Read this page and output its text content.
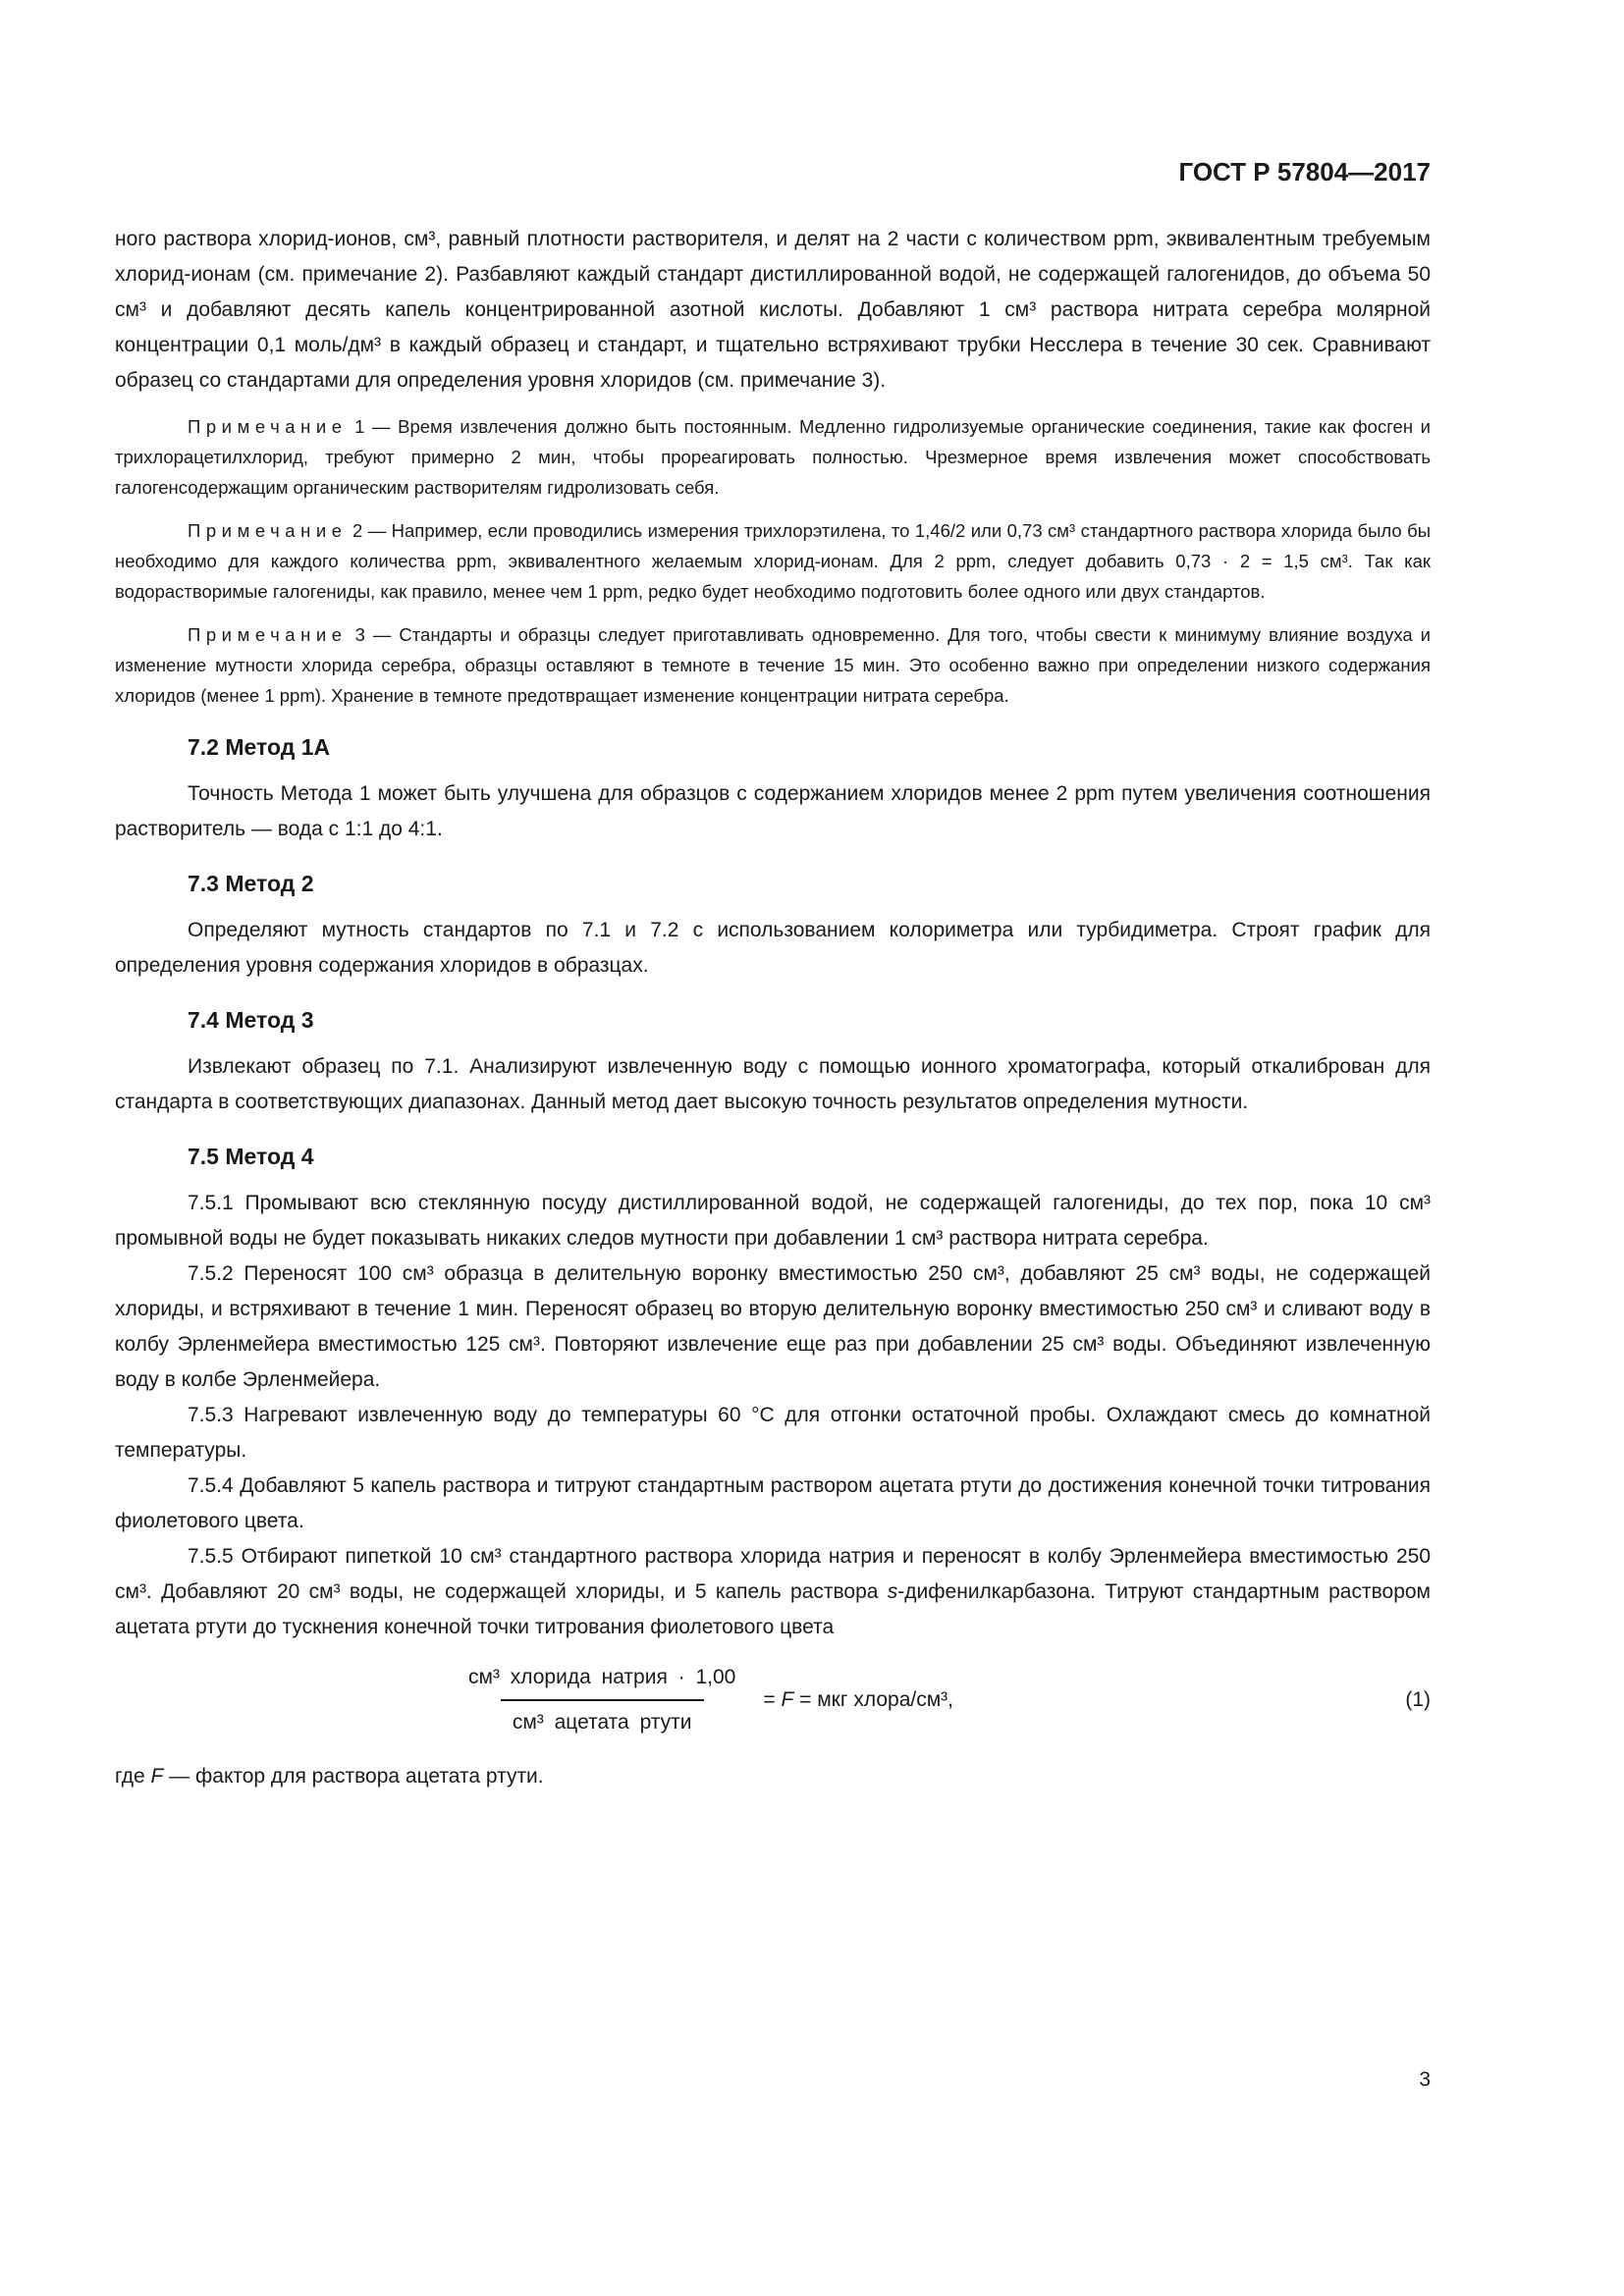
ГОСТ Р 57804—2017

ного раствора хлорид-ионов, см³, равный плотности растворителя, и делят на 2 части с количеством ppm, эквивалентным требуемым хлорид-ионам (см. примечание 2). Разбавляют каждый стандарт дистиллированной водой, не содержащей галогенидов, до объема 50 см³ и добавляют десять капель концентрированной азотной кислоты. Добавляют 1 см³ раствора нитрата серебра молярной концентрации 0,1 моль/дм³ в каждый образец и стандарт, и тщательно встряхивают трубки Несслера в течение 30 сек. Сравнивают образец со стандартами для определения уровня хлоридов (см. примечание 3).

Примечание 1 — Время извлечения должно быть постоянным. Медленно гидролизуемые органические соединения, такие как фосген и трихлорацетилхлорид, требуют примерно 2 мин, чтобы прореагировать полностью. Чрезмерное время извлечения может способствовать галогенсодержащим органическим растворителям гидролизовать себя.

Примечание 2 — Например, если проводились измерения трихлорэтилена, то 1,46/2 или 0,73 см³ стандартного раствора хлорида было бы необходимо для каждого количества ppm, эквивалентного желаемым хлорид-ионам. Для 2 ppm, следует добавить 0,73 · 2 = 1,5 см³. Так как водорастворимые галогениды, как правило, менее чем 1 ppm, редко будет необходимо подготовить более одного или двух стандартов.

Примечание 3 — Стандарты и образцы следует приготавливать одновременно. Для того, чтобы свести к минимуму влияние воздуха и изменение мутности хлорида серебра, образцы оставляют в темноте в течение 15 мин. Это особенно важно при определении низкого содержания хлоридов (менее 1 ppm). Хранение в темноте предотвращает изменение концентрации нитрата серебра.

7.2 Метод 1А

Точность Метода 1 может быть улучшена для образцов с содержанием хлоридов менее 2 ppm путем увеличения соотношения растворитель — вода с 1:1 до 4:1.

7.3 Метод 2

Определяют мутность стандартов по 7.1 и 7.2 с использованием колориметра или турбидиметра. Строят график для определения уровня содержания хлоридов в образцах.

7.4 Метод 3

Извлекают образец по 7.1. Анализируют извлеченную воду с помощью ионного хроматографа, который откалиброван для стандарта в соответствующих диапазонах. Данный метод дает высокую точность результатов определения мутности.

7.5 Метод 4

7.5.1 Промывают всю стеклянную посуду дистиллированной водой, не содержащей галогениды, до тех пор, пока 10 см³ промывной воды не будет показывать никаких следов мутности при добавлении 1 см³ раствора нитрата серебра.

7.5.2 Переносят 100 см³ образца в делительную воронку вместимостью 250 см³, добавляют 25 см³ воды, не содержащей хлориды, и встряхивают в течение 1 мин. Переносят образец во вторую делительную воронку вместимостью 250 см³ и сливают воду в колбу Эрленмейера вместимостью 125 см³. Повторяют извлечение еще раз при добавлении 25 см³ воды. Объединяют извлеченную воду в колбе Эрленмейера.

7.5.3 Нагревают извлеченную воду до температуры 60 °С для отгонки остаточной пробы. Охлаждают смесь до комнатной температуры.

7.5.4 Добавляют 5 капель раствора и титруют стандартным раствором ацетата ртути до достижения конечной точки титрования фиолетового цвета.

7.5.5 Отбирают пипеткой 10 см³ стандартного раствора хлорида натрия и переносят в колбу Эрленмейера вместимостью 250 см³. Добавляют 20 см³ воды, не содержащей хлориды, и 5 капель раствора s-дифенилкарбазона. Титруют стандартным раствором ацетата ртути до тускнения конечной точки титрования фиолетового цвета

$\frac{\text{см³ хлорида натрия · 1,00}}{\text{см³ ацетата ртути}} = F$ = мкг хлора/см³,	(1)

где F — фактор для раствора ацетата ртути.

3
